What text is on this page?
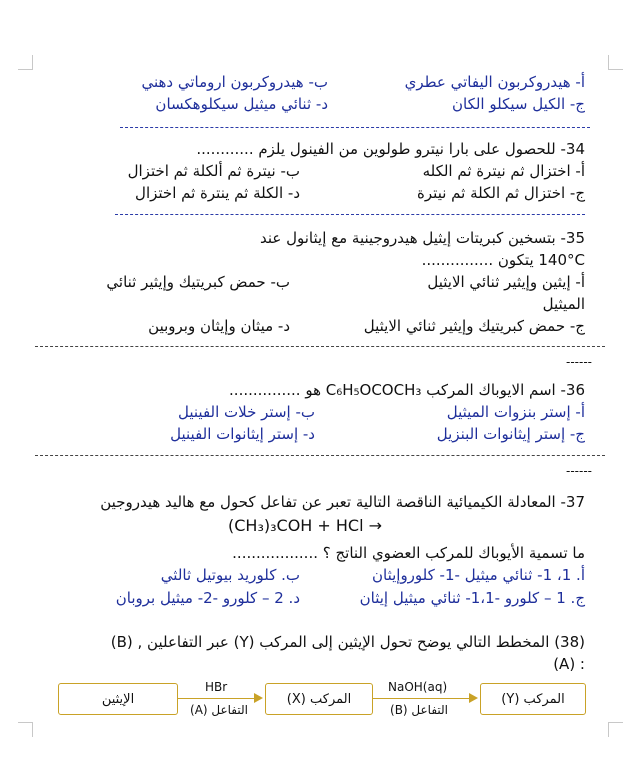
أ- هيدروكربون اليفاتي عطري
ب- هيدروكربون اروماتي دهني
ج- الكيل سيكلو الكان
د- ثنائي ميثيل سيكلوهكسان
34- للحصول على بارا نيترو طولوين من الفينول يلزم ............
أ- اختزال ثم نيترة ثم الكله
ب- نيترة ثم ألكلة ثم اختزال
ج- اختزال ثم الكلة ثم نيترة
د- الكلة ثم ينترة ثم اختزال
35- بتسخين كبريتات إيثيل هيدروجينية مع إيثانول عند
140°C يتكون ...............
أ- إيثين وإيثير ثنائي الايثيل
ب- حمض كبريتيك وإيثير ثنائي
الميثيل
ج- حمض كبريتيك وإيثير ثنائي الايثيل
د- ميثان وإيثان وبروبين
------
36- اسم الايوباك المركب C₆H₅OCOCH₃ هو ...............
أ- إستر بنزوات الميثيل
ب- إستر خلات الفينيل
ج- إستر إيثانوات البنزيل
د- إستر إيثانوات الفينيل
------
37- المعادلة الكيميائية الناقصة التالية تعبر عن تفاعل كحول مع هاليد هيدروجين
(CH₃)₃COH + HCl →
ما تسمية الأيوباك للمركب العضوي الناتج ؟ ..................
أ. 1، 1- ثنائي ميثيل -1- كلوروإيثان
ب. كلوريد بيوتيل ثالثي
ج. 1 – كلورو -1،1- ثنائي ميثيل إيثان
د. 2 – كلورو -2- ميثيل بروبان
(38) المخطط التالي يوضح تحول الإيثين إلى المركب (Y) عبر التفاعلين , (B)
: (A)
الإيثين
HBr
التفاعل (A)
المركب (X)
NaOH(aq)
التفاعل (B)
المركب (Y)
